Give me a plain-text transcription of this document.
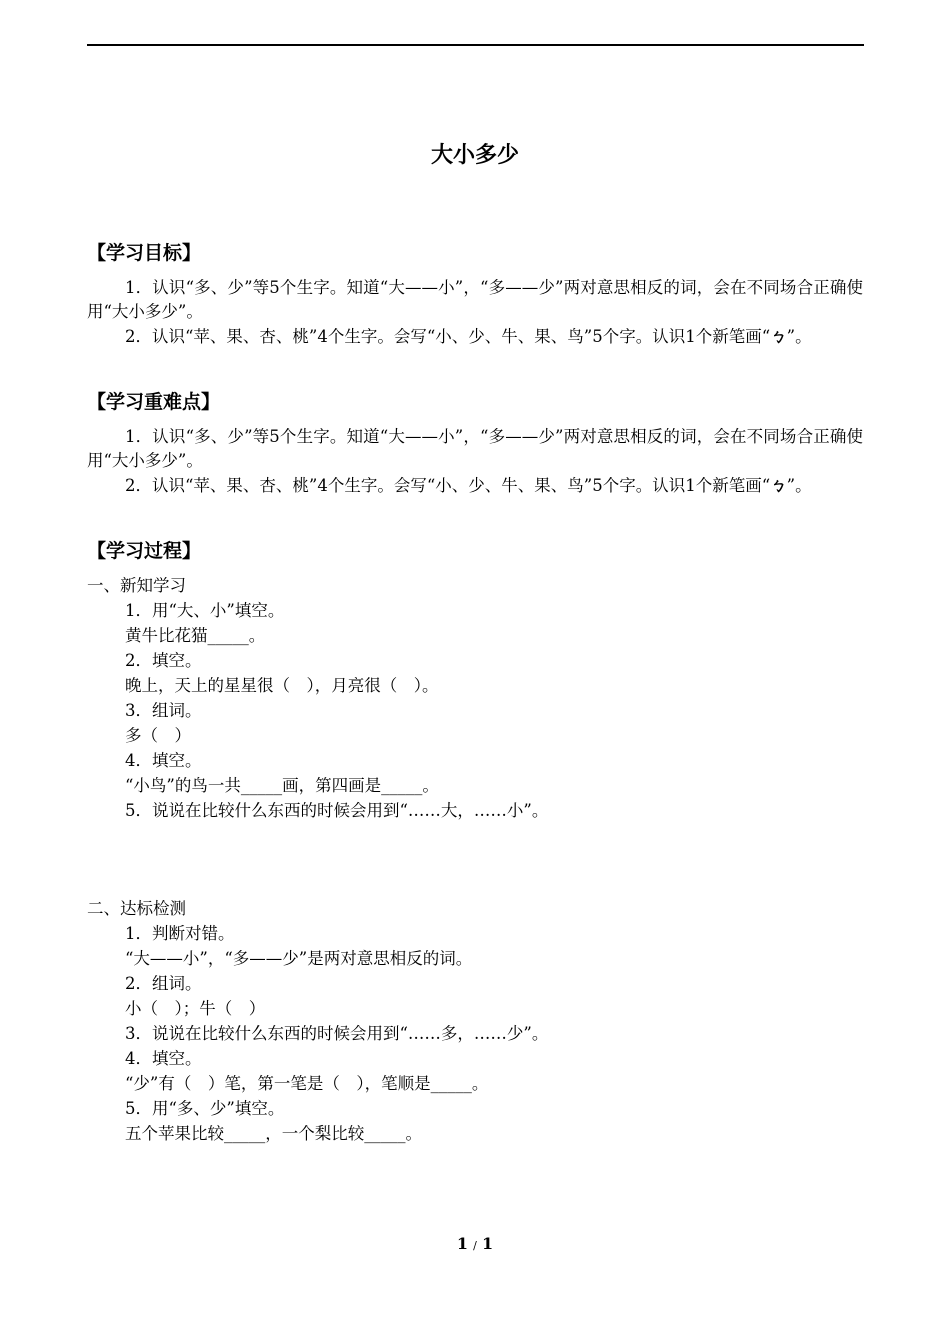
大小多少
【学习目标】
1．认识“多、少”等5个生字。知道“大——小”，“多——少”两对意思相反的词，会在不同场合正确使用“大小多少”。
2．认识“苹、果、杏、桃”4个生字。会写“小、少、牛、果、鸟”5个字。认识1个新笔画“ㄅ”。
【学习重难点】
1．认识“多、少”等5个生字。知道“大——小”，“多——少”两对意思相反的词，会在不同场合正确使用“大小多少”。
2．认识“苹、果、杏、桃”4个生字。会写“小、少、牛、果、鸟”5个字。认识1个新笔画“ㄅ”。
【学习过程】
一、新知学习
1．用“大、小”填空。
黄牛比花猫_____。
2．填空。
晚上，天上的星星很（　），月亮很（　）。
3．组词。
多（　）
4．填空。
“小鸟”的鸟一共_____画，第四画是_____。
5．说说在比较什么东西的时候会用到“……大，……小”。
二、达标检测
1．判断对错。
“大——小”，“多——少”是两对意思相反的词。
2．组词。
小（　）；牛（　）
3．说说在比较什么东西的时候会用到“……多，……少”。
4．填空。
“少”有（　）笔，第一笔是（　），笔顺是_____。
5．用“多、少”填空。
五个苹果比较_____，一个梨比较_____。
1 / 1
